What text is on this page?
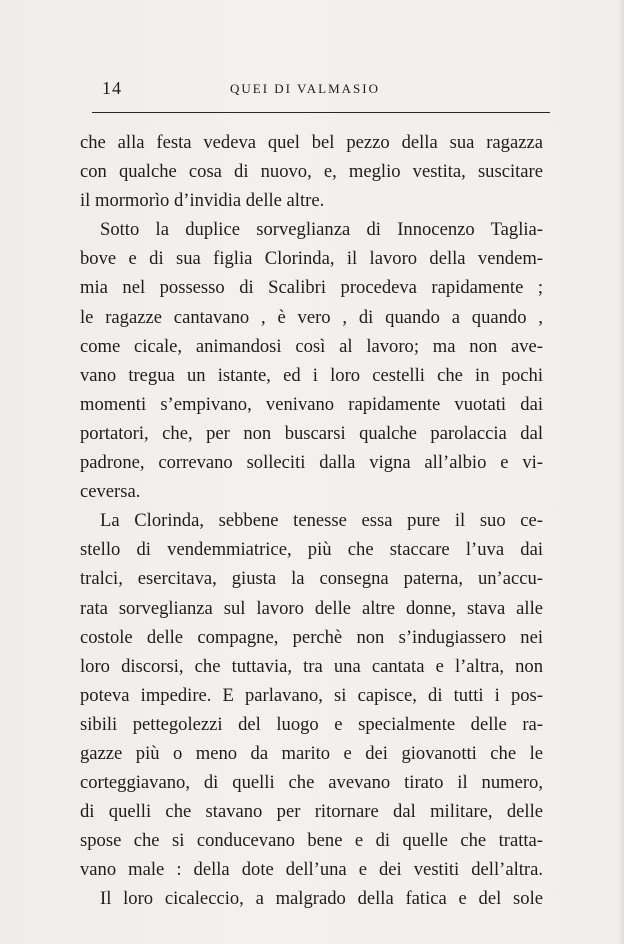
14	QUEI DI VALMASIO
che alla festa vedeva quel bel pezzo della sua ragazza
con qualche cosa di nuovo, e, meglio vestita, suscitare
il mormorìo d’invidia delle altre.
Sotto la duplice sorveglianza di Innocenzo Taglia-
bove e di sua figlia Clorinda, il lavoro della vendem-
mia nel possesso di Scalibri procedeva rapidamente ;
le ragazze cantavano , è vero , di quando a quando ,
come cicale, animandosi così al lavoro; ma non ave-
vano tregua un istante, ed i loro cestelli che in pochi
momenti s’empivano, venivano rapidamente vuotati dai
portatori, che, per non buscarsi qualche parolaccia dal
padrone, correvano solleciti dalla vigna all’albio e vi-
ceversa.
La Clorinda, sebbene tenesse essa pure il suo ce-
stello di vendemmiatrice, più che staccare l’uva dai
tralci, esercitava, giusta la consegna paterna, un’accu-
rata sorveglianza sul lavoro delle altre donne, stava alle
costole delle compagne, perchè non s’indugiassero nei
loro discorsi, che tuttavia, tra una cantata e l’altra, non
poteva impedire. E parlavano, si capisce, di tutti i pos-
sibili pettegolezzi del luogo e specialmente delle ra-
gazze più o meno da marito e dei giovanotti che le
corteggiavano, di quelli che avevano tirato il numero,
di quelli che stavano per ritornare dal militare, delle
spose che si conducevano bene e di quelle che tratta-
vano male : della dote dell’una e dei vestiti dell’altra.
Il loro cicaleccio, a malgrado della fatica e del sole
